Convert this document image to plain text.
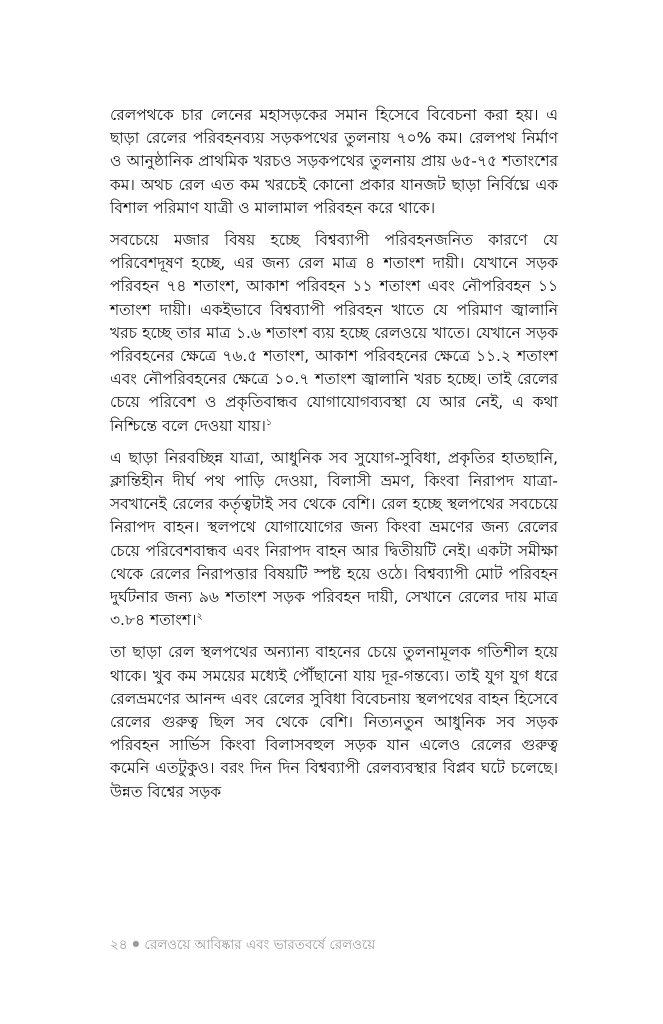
রেলপথকে চার লেনের মহাসড়কের সমান হিসেবে বিবেচনা করা হয়। এ ছাড়া রেলের পরিবহনব্যয় সড়কপথের তুলনায় ৭০% কম। রেলপথ নির্মাণ ও আনুষ্ঠানিক প্রাথমিক খরচও সড়কপথের তুলনায় প্রায় ৬৫-৭৫ শতাংশের কম। অথচ রেল এত কম খরচেই কোনো প্রকার যানজট ছাড়া নির্বিঘ্নে এক বিশাল পরিমাণ যাত্রী ও মালামাল পরিবহন করে থাকে।

সবচেয়ে মজার বিষয় হচ্ছে বিশ্বব্যাপী পরিবহনজনিত কারণে যে পরিবেশদূষণ হচ্ছে, এর জন্য রেল মাত্র ৪ শতাংশ দায়ী। যেখানে সড়ক পরিবহন ৭৪ শতাংশ, আকাশ পরিবহন ১১ শতাংশ এবং নৌপরিবহন ১১ শতাংশ দায়ী। একইভাবে বিশ্বব্যাপী পরিবহন খাতে যে পরিমাণ জ্বালানি খরচ হচ্ছে তার মাত্র ১.৬ শতাংশ ব্যয় হচ্ছে রেলওয়ে খাতে। যেখানে সড়ক পরিবহনের ক্ষেত্রে ৭৬.৫ শতাংশ, আকাশ পরিবহনের ক্ষেত্রে ১১.২ শতাংশ এবং নৌপরিবহনের ক্ষেত্রে ১০.৭ শতাংশ জ্বালানি খরচ হচ্ছে। তাই রেলের চেয়ে পরিবেশ ও প্রকৃতিবান্ধব যোগাযোগব্যবস্থা যে আর নেই, এ কথা নিশ্চিন্তে বলে দেওয়া যায়।$^১$

এ ছাড়া নিরবচ্ছিন্ন যাত্রা, আধুনিক সব সুযোগ-সুবিধা, প্রকৃতির হাতছানি, ক্লান্তিহীন দীর্ঘ পথ পাড়ি দেওয়া, বিলাসী ভ্রমণ, কিংবা নিরাপদ যাত্রা- সবখানেই রেলের কর্তৃত্বটাই সব থেকে বেশি। রেল হচ্ছে স্থলপথের সবচেয়ে নিরাপদ বাহন। স্থলপথে যোগাযোগের জন্য কিংবা ভ্রমণের জন্য রেলের চেয়ে পরিবেশবান্ধব এবং নিরাপদ বাহন আর দ্বিতীয়টি নেই। একটা সমীক্ষা থেকে রেলের নিরাপত্তার বিষয়টি স্পষ্ট হয়ে ওঠে। বিশ্বব্যাপী মোট পরিবহন দুর্ঘটনার জন্য ৯৬ শতাংশ সড়ক পরিবহন দায়ী, সেখানে রেলের দায় মাত্র ৩.৮৪ শতাংশ।$^২$

তা ছাড়া রেল স্থলপথের অন্যান্য বাহনের চেয়ে তুলনামূলক গতিশীল হয়ে থাকে। খুব কম সময়ের মধ্যেই পৌঁছানো যায় দূর-গন্তব্যে। তাই যুগ যুগ ধরে রেলভ্রমণের আনন্দ এবং রেলের সুবিধা বিবেচনায় স্থলপথের বাহন হিসেবে রেলের গুরুত্ব ছিল সব থেকে বেশি। নিত্যনতুন আধুনিক সব সড়ক পরিবহন সার্ভিস কিংবা বিলাসবহুল সড়ক যান এলেও রেলের গুরুত্ব কমেনি এতটুকুও। বরং দিন দিন বিশ্বব্যাপী রেলব্যবস্থার বিপ্লব ঘটে চলেছে। উন্নত বিশ্বের সড়ক

২৪ ● রেলওয়ে আবিষ্কার এবং ভারতবর্ষে রেলওয়ে
